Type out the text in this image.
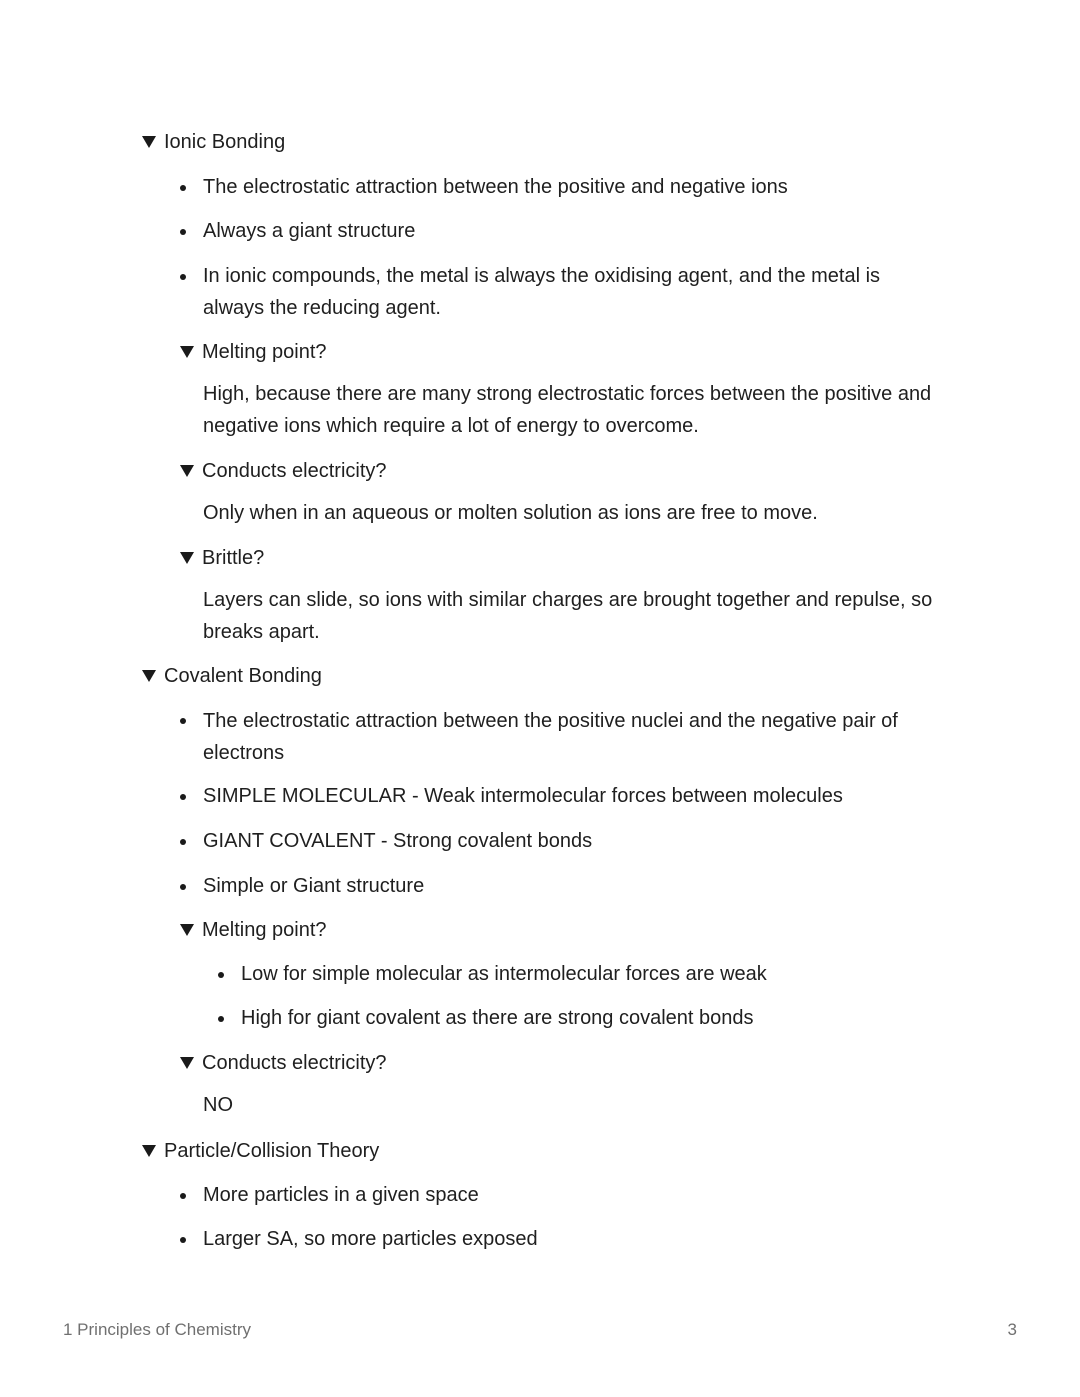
Ionic Bonding
The electrostatic attraction between the positive and negative ions
Always a giant structure
In ionic compounds, the metal is always the oxidising agent, and the metal is always the reducing agent.
Melting point?
High, because there are many strong electrostatic forces between the positive and negative ions which require a lot of energy to overcome.
Conducts electricity?
Only when in an aqueous or molten solution as ions are free to move.
Brittle?
Layers can slide, so ions with similar charges are brought together and repulse, so breaks apart.
Covalent Bonding
The electrostatic attraction between the positive nuclei and the negative pair of electrons
SIMPLE MOLECULAR - Weak intermolecular forces between molecules
GIANT COVALENT - Strong covalent bonds
Simple or Giant structure
Melting point?
Low for simple molecular as intermolecular forces are weak
High for giant covalent as there are strong covalent bonds
Conducts electricity?
NO
Particle/Collision Theory
More particles in a given space
Larger SA, so more particles exposed
1 Principles of Chemistry	3
